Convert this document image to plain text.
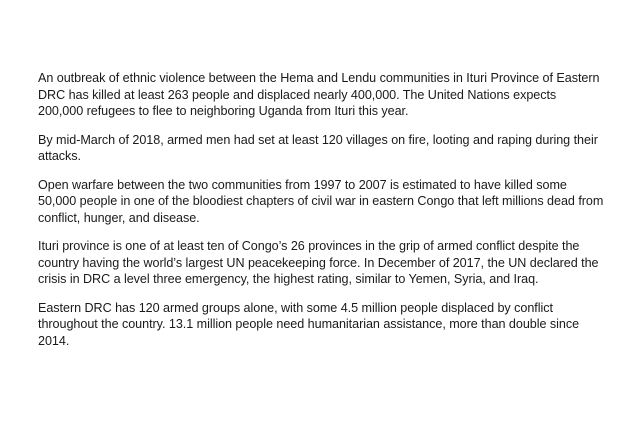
An outbreak of ethnic violence between the Hema and Lendu communities in Ituri Province of Eastern DRC has killed at least 263 people and displaced nearly 400,000. The United Nations expects 200,000 refugees to flee to neighboring Uganda from Ituri this year.

By mid-March of 2018, armed men had set at least 120 villages on fire, looting and raping during their attacks.

Open warfare between the two communities from 1997 to 2007 is estimated to have killed some 50,000 people in one of the bloodiest chapters of civil war in eastern Congo that left millions dead from conflict, hunger, and disease.

Ituri province is one of at least ten of Congo’s 26 provinces in the grip of armed conflict despite the country having the world’s largest UN peacekeeping force. In December of 2017, the UN declared the crisis in DRC a level three emergency, the highest rating, similar to Yemen, Syria, and Iraq.

Eastern DRC has 120 armed groups alone, with some 4.5 million people displaced by conflict throughout the country. 13.1 million people need humanitarian assistance, more than double since 2014.
